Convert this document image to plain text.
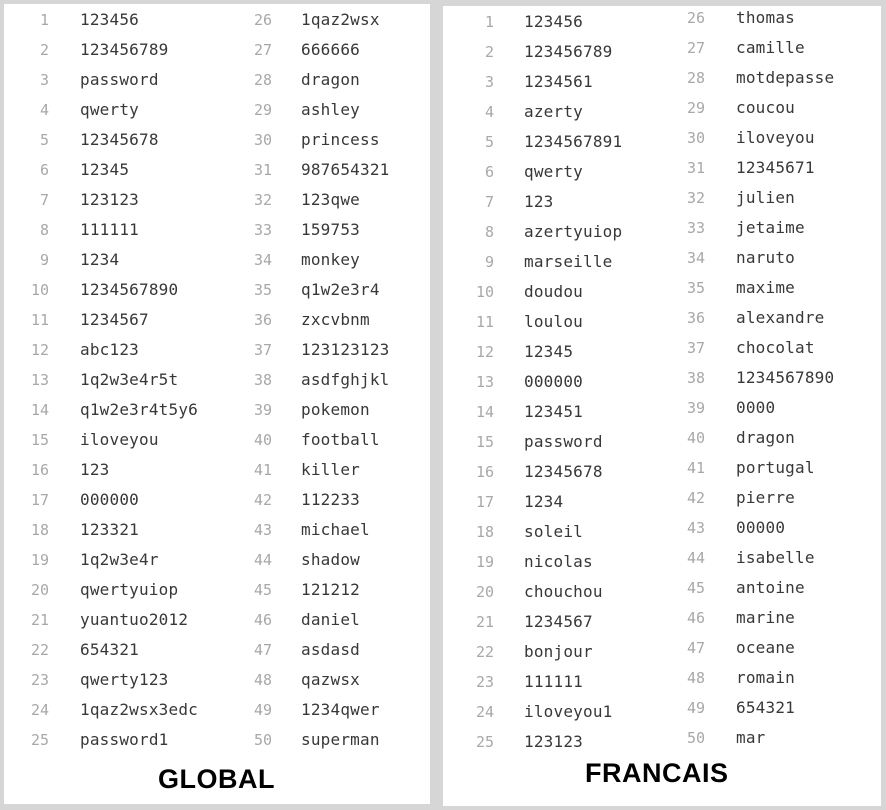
1 123456
2 123456789
3 password
4 qwerty
5 12345678
6 12345
7 123123
8 111111
9 1234
10 1234567890
11 1234567
12 abc123
13 1q2w3e4r5t
14 q1w2e3r4t5y6
15 iloveyou
16 123
17 000000
18 123321
19 1q2w3e4r
20 qwertyuiop
21 yuantuo2012
22 654321
23 qwerty123
24 1qaz2wsx3edc
25 password1
26 1qaz2wsx
27 666666
28 dragon
29 ashley
30 princess
31 987654321
32 123qwe
33 159753
34 monkey
35 q1w2e3r4
36 zxcvbnm
37 123123123
38 asdfghjkl
39 pokemon
40 football
41 killer
42 112233
43 michael
44 shadow
45 121212
46 daniel
47 asdasd
48 qazwsx
49 1234qwer
50 superman
GLOBAL
1 123456
2 123456789
3 1234561
4 azerty
5 1234567891
6 qwerty
7 123
8 azertyuiop
9 marseille
10 doudou
11 loulou
12 12345
13 000000
14 123451
15 password
16 12345678
17 1234
18 soleil
19 nicolas
20 chouchou
21 1234567
22 bonjour
23 111111
24 iloveyou1
25 123123
26 thomas
27 camille
28 motdepasse
29 coucou
30 iloveyou
31 12345671
32 julien
33 jetaime
34 naruto
35 maxime
36 alexandre
37 chocolat
38 1234567890
39 0000
40 dragon
41 portugal
42 pierre
43 00000
44 isabelle
45 antoine
46 marine
47 oceane
48 romain
49 654321
50 mar
FRANCAIS
